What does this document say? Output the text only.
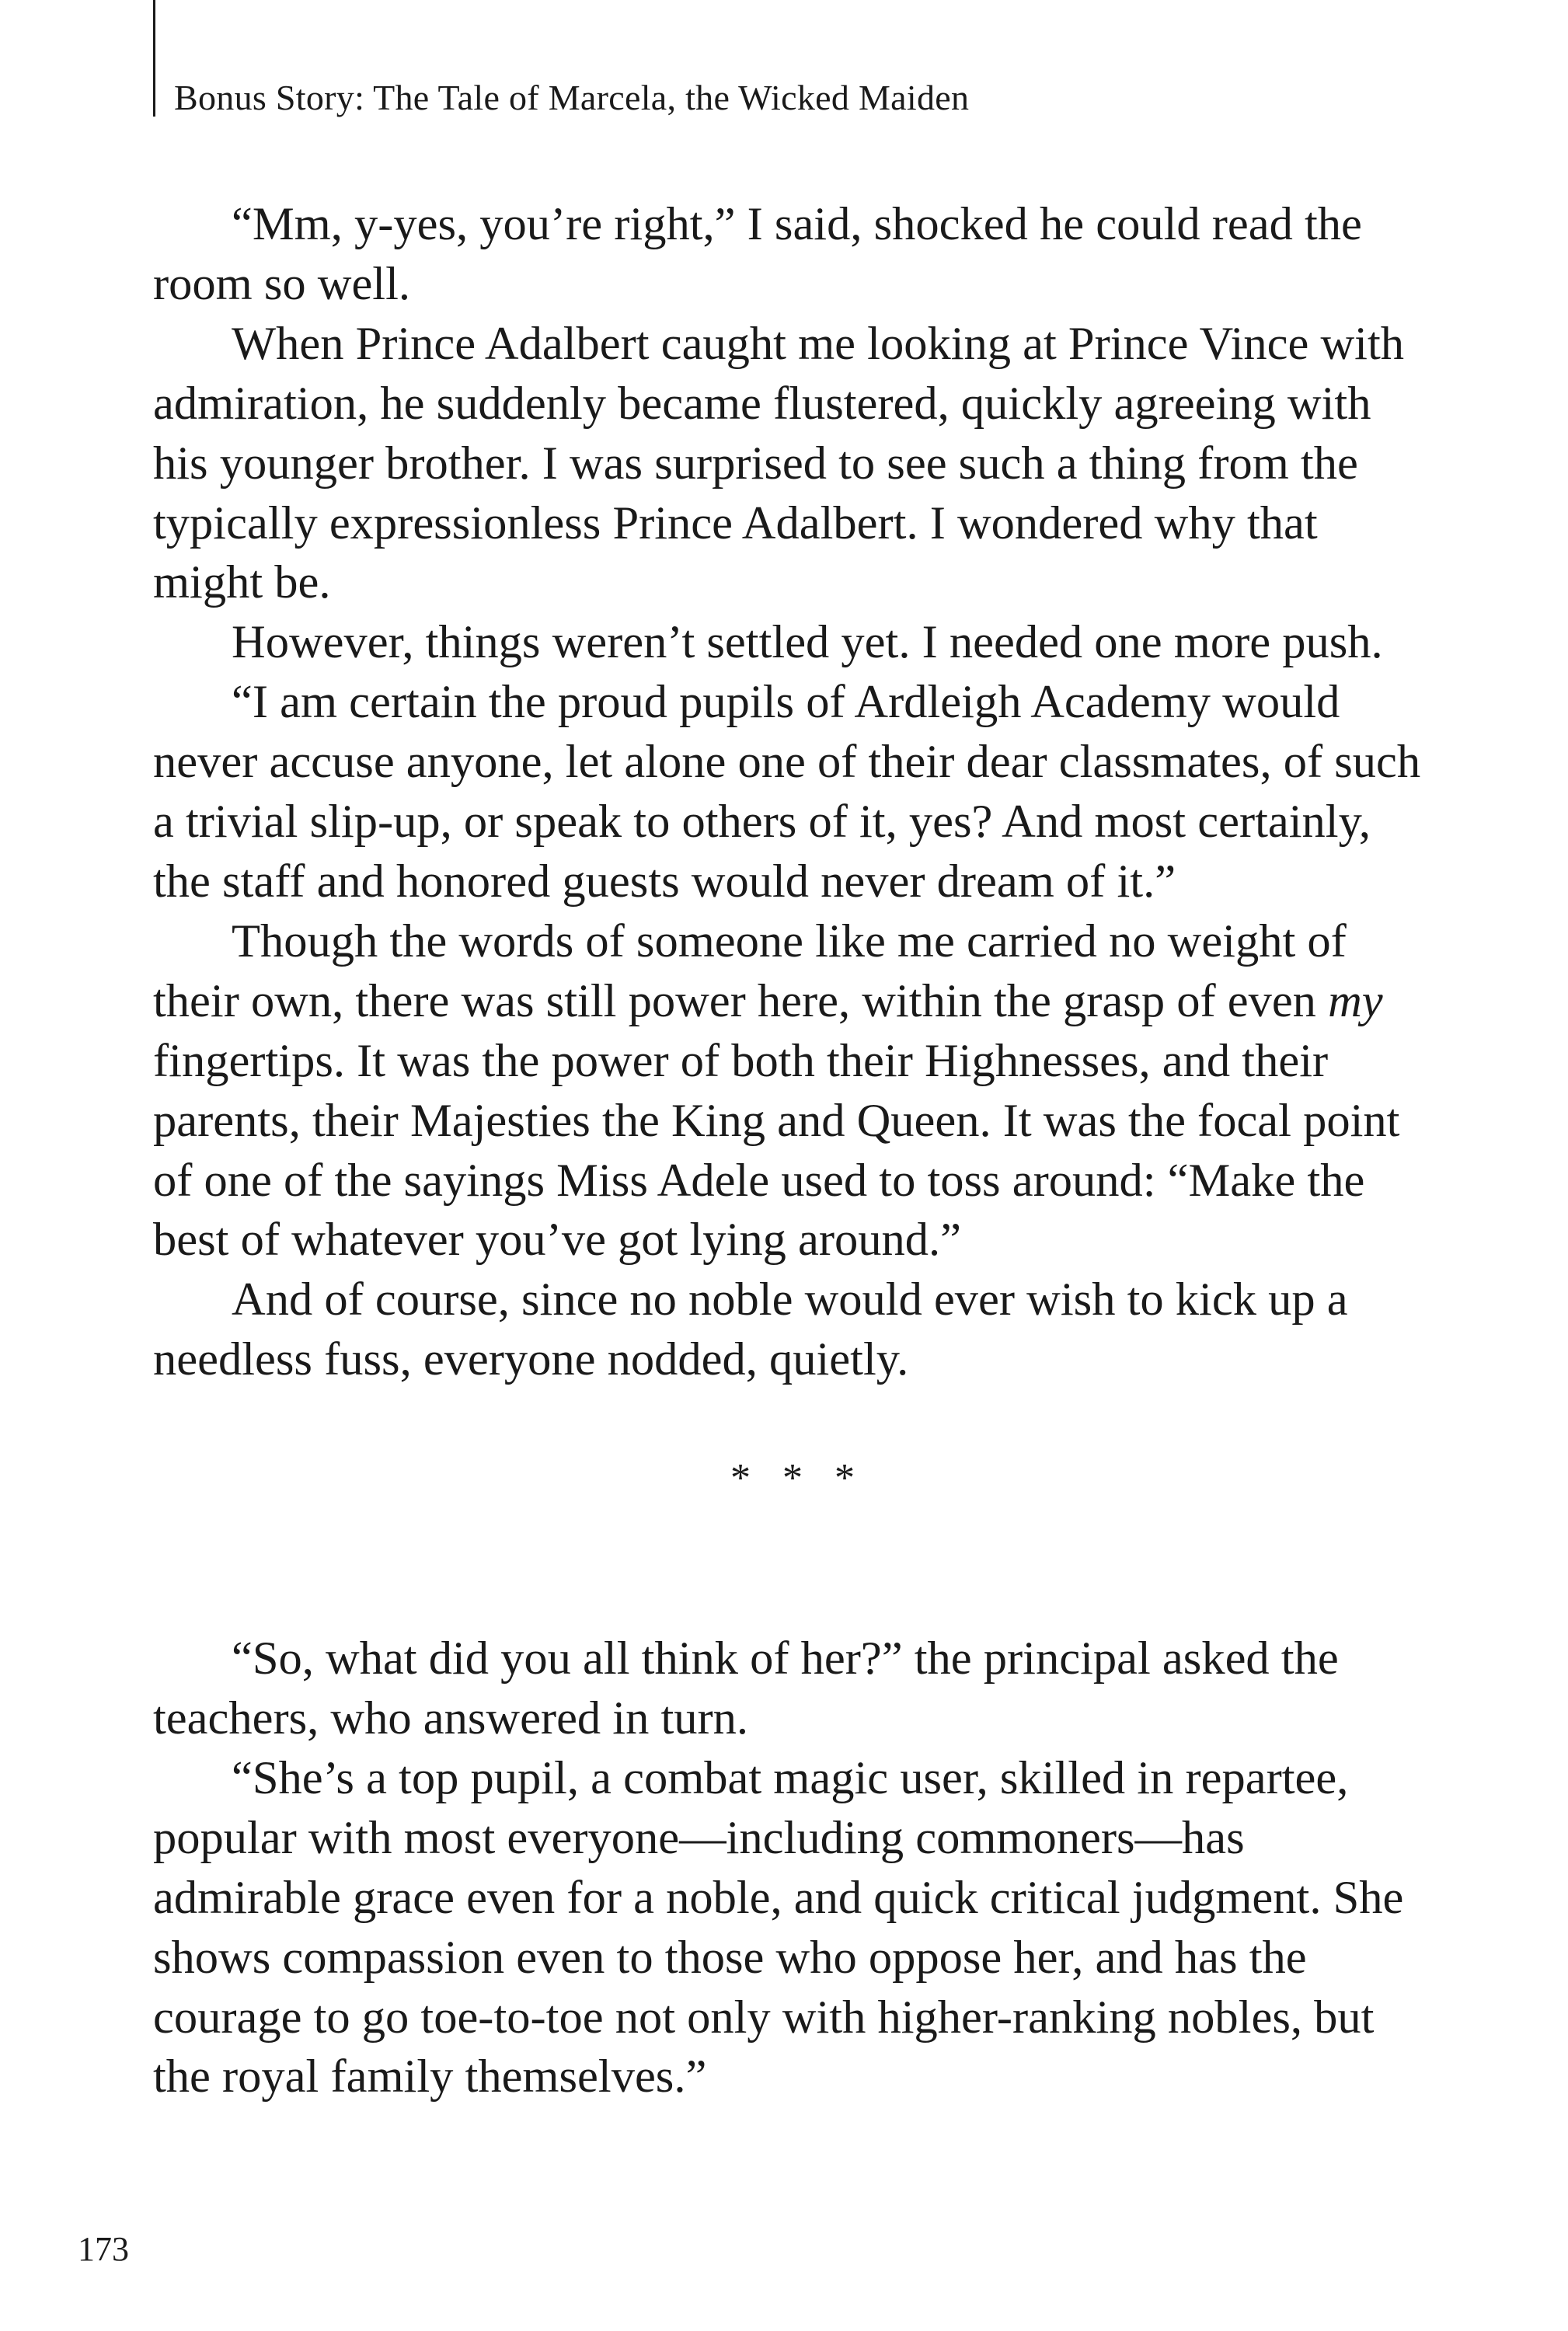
Bonus Story: The Tale of Marcela, the Wicked Maiden

“Mm, y-yes, you’re right,” I said, shocked he could read the room so well.

When Prince Adalbert caught me looking at Prince Vince with admiration, he suddenly became flustered, quickly agreeing with his younger brother. I was surprised to see such a thing from the typically expressionless Prince Adalbert. I wondered why that might be.

However, things weren’t settled yet. I needed one more push.

“I am certain the proud pupils of Ardleigh Academy would never accuse anyone, let alone one of their dear classmates, of such a trivial slip-up, or speak to others of it, yes? And most certainly, the staff and honored guests would never dream of it.”

Though the words of someone like me carried no weight of their own, there was still power here, within the grasp of even my fingertips. It was the power of both their Highnesses, and their parents, their Majesties the King and Queen. It was the focal point of one of the sayings Miss Adele used to toss around: “Make the best of whatever you’ve got lying around.”

And of course, since no noble would ever wish to kick up a needless fuss, everyone nodded, quietly.

* * *

“So, what did you all think of her?” the principal asked the teachers, who answered in turn.

“She’s a top pupil, a combat magic user, skilled in repartee, popular with most everyone—including commoners—has admirable grace even for a noble, and quick critical judgment. She shows compassion even to those who oppose her, and has the courage to go toe-to-toe not only with higher-ranking nobles, but the royal family themselves.”

173
